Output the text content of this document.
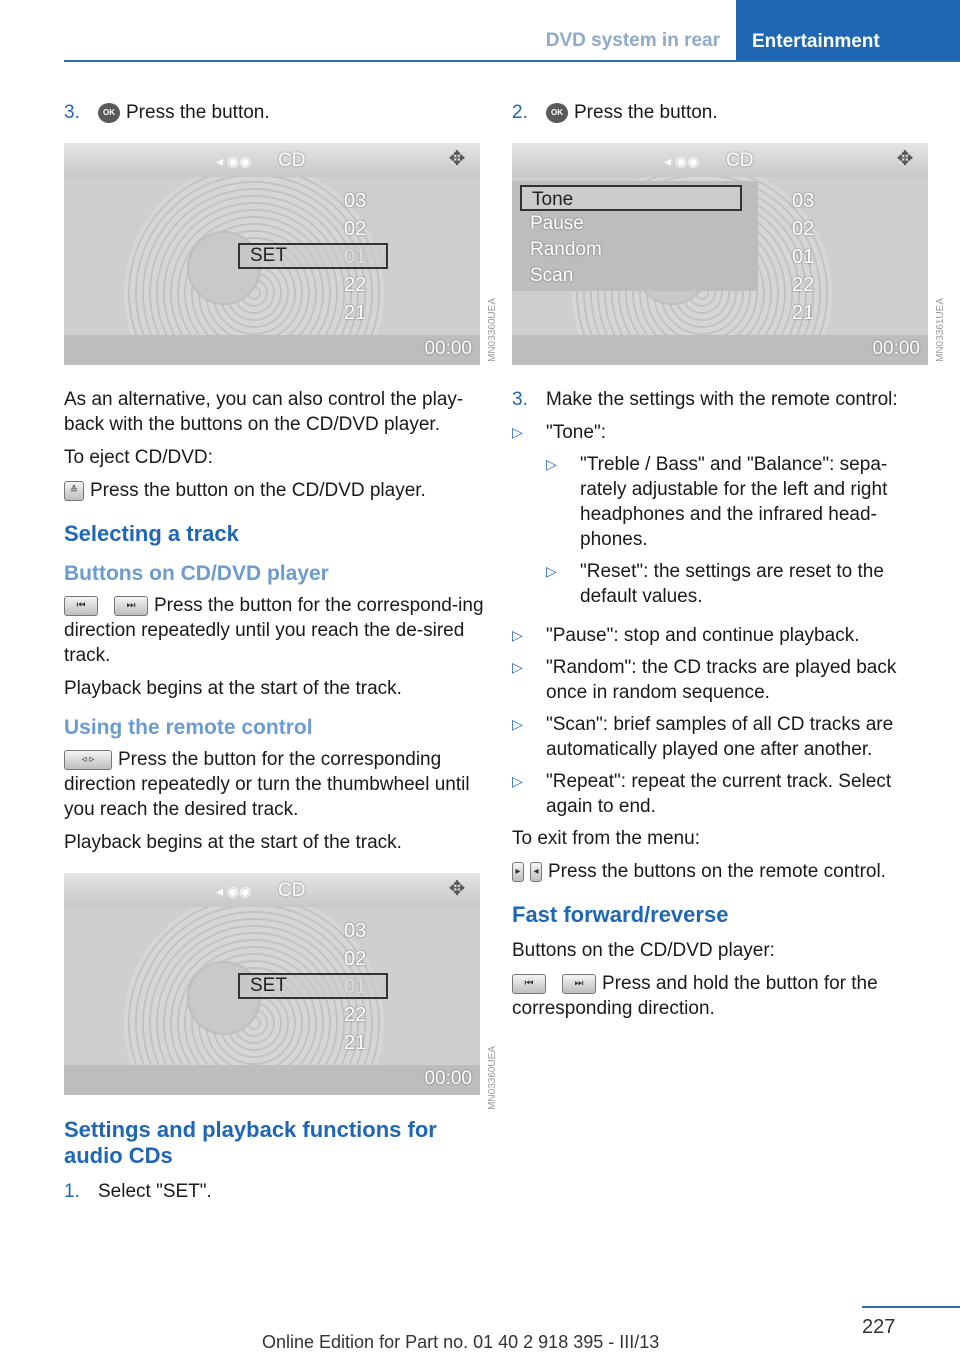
DVD system in rear	Entertainment
3.	OK Press the button.
◂ ◉◉ CD	✥
03
02
22
21
SET
00:00

As an alternative, you can also control the play-back with the buttons on the CD/DVD player.

To eject CD/DVD:

≙ Press the button on the CD/DVD player.

Selecting a track
Buttons on CD/DVD player

⏮	⏭ Press the button for the correspond-ing direction repeatedly until you reach the de-sired track.

Playback begins at the start of the track.

Using the remote control

◃ ▹ Press the button for the corresponding direction repeatedly or turn the thumbwheel until you reach the desired track.

Playback begins at the start of the track.

◂ ◉◉ CD	✥
03
02
22
21
SET
00:00
Settings and playback functions for audio CDs
1. Select "SET".
MN03360UEA
MN03360UEA
MN03361UEA
2.	OK Press the button.
◂ ◉◉ CD	✥
03
02
01
22
21
Tone
Pause
Random
Scan
00:00
3. Make the settings with the remote control:
▷	"Tone":
▷	"Treble / Bass" and "Balance": sepa-rately adjustable for the left and right headphones and the infrared head-phones.
▷	"Reset": the settings are reset to the default values.
▷	"Pause": stop and continue playback.
▷	"Random": the CD tracks are played back once in random sequence.
▷	"Scan": brief samples of all CD tracks are automatically played one after another.
▷	"Repeat": repeat the current track. Select again to end.

To exit from the menu:

▸ ◂ Press the buttons on the remote control.

Fast forward/reverse

Buttons on the CD/DVD player:

⏮	⏭ Press and hold the button for the corresponding direction.

227
Online Edition for Part no. 01 40 2 918 395 - III/13
